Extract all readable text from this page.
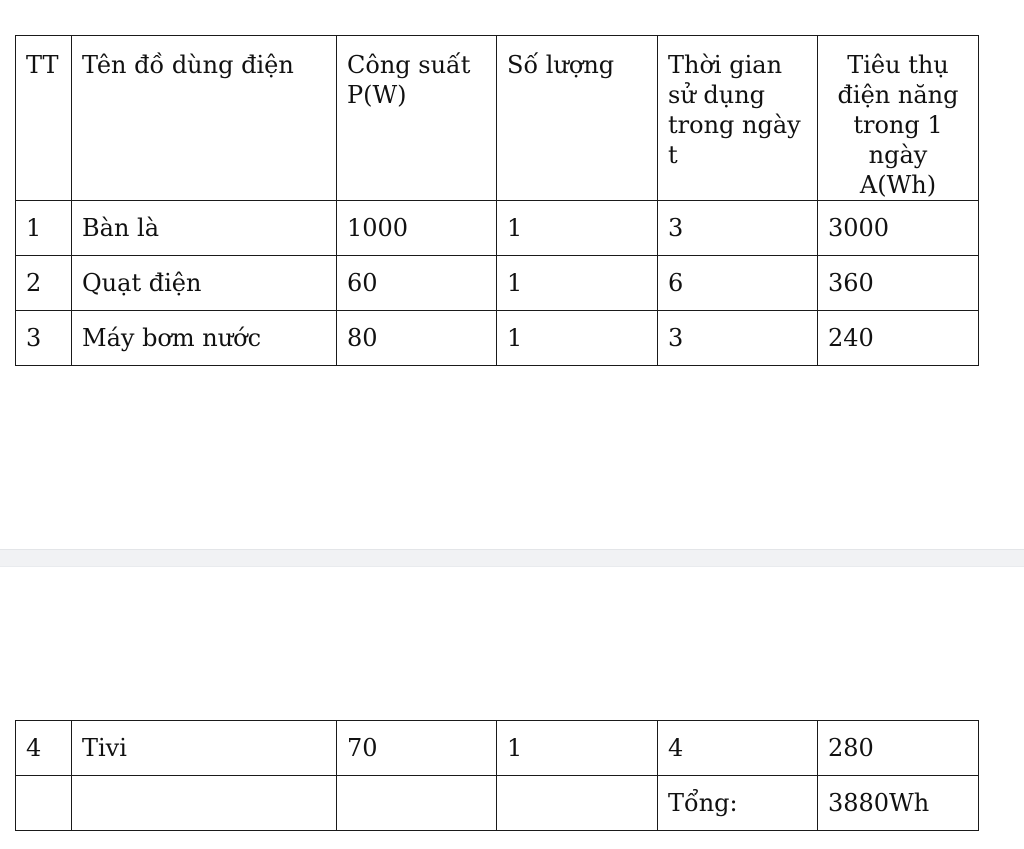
TT	Tên đồ dùng điện	Công suất P(W)	Số lượng	Thời gian sử dụng trong ngày t	Tiêu thụ điện năng trong 1 ngày A(Wh)
1	Bàn là	1000	1	3	3000
2	Quạt điện	60	1	6	360
3	Máy bơm nước	80	1	3	240
4	Tivi	70	1	4	280
				Tổng:	3880Wh
